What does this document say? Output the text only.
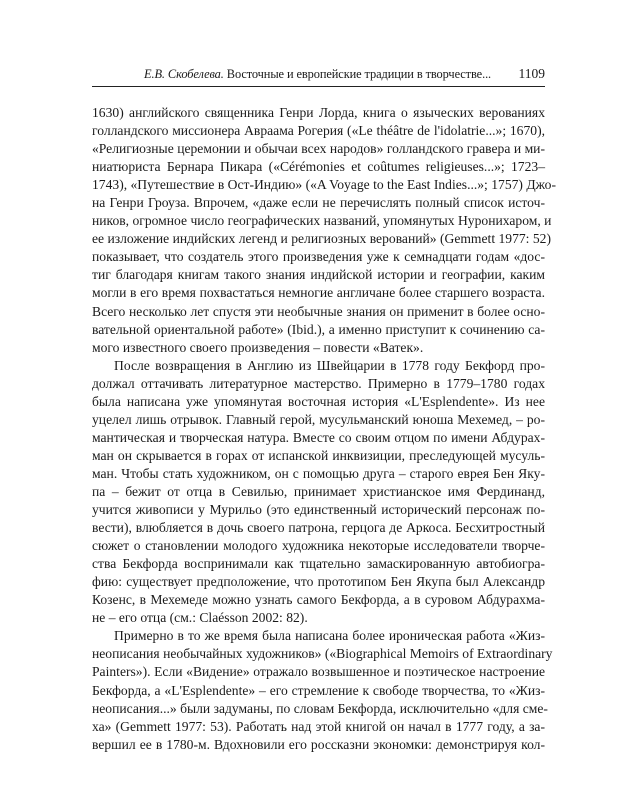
Е.В. Скобелева. Восточные и европейские традиции в творчестве... 1109
1630) английского священника Генри Лорда, книга о языческих верованиях
голландского миссионера Авраама Рогерия («Le théâtre de l'idolatrie...»; 1670),
«Религиозные церемонии и обычаи всех народов» голландского гравера и ми-
ниатюриста Бернара Пикара («Cérémonies et coûtumes religieuses...»; 1723–
1743), «Путешествие в Ост-Индию» («A Voyage to the East Indies...»; 1757) Джо-
на Генри Гроуза. Впрочем, «даже если не перечислять полный список источ-
ников, огромное число географических названий, упомянутых Нуронихаром, и
ее изложение индийских легенд и религиозных верований» (Gemmett 1977: 52)
показывает, что создатель этого произведения уже к семнадцати годам «дос-
тиг благодаря книгам такого знания индийской истории и географии, каким
могли в его время похвастаться немногие англичане более старшего возраста.
Всего несколько лет спустя эти необычные знания он применит в более осно-
вательной ориентальной работе» (Ibid.), а именно приступит к сочинению са-
мого известного своего произведения – повести «Ватек».
После возвращения в Англию из Швейцарии в 1778 году Бекфорд про-
должал оттачивать литературное мастерство. Примерно в 1779–1780 годах
была написана уже упомянутая восточная история «L'Esplendente». Из нее
уцелел лишь отрывок. Главный герой, мусульманский юноша Мехемед, – ро-
мантическая и творческая натура. Вместе со своим отцом по имени Абдурах-
ман он скрывается в горах от испанской инквизиции, преследующей мусуль-
ман. Чтобы стать художником, он с помощью друга – старого еврея Бен Яку-
па – бежит от отца в Севилью, принимает христианское имя Фердинанд,
учится живописи у Мурильо (это единственный исторический персонаж по-
вести), влюбляется в дочь своего патрона, герцога де Аркоса. Бесхитростный
сюжет о становлении молодого художника некоторые исследователи творче-
ства Бекфорда воспринимали как тщательно замаскированную автобиогра-
фию: существует предположение, что прототипом Бен Якупа был Александр
Козенс, в Мехемеде можно узнать самого Бекфорда, а в суровом Абдурахма-
не – его отца (см.: Claésson 2002: 82).
Примерно в то же время была написана более ироническая работа «Жиз-
неописания необычайных художников» («Biographical Memoirs of Extraordinary
Painters»). Если «Видение» отражало возвышенное и поэтическое настроение
Бекфорда, а «L'Esplendente» – его стремление к свободе творчества, то «Жиз-
неописания...» были задуманы, по словам Бекфорда, исключительно «для сме-
ха» (Gemmett 1977: 53). Работать над этой книгой он начал в 1777 году, а за-
вершил ее в 1780-м. Вдохновили его россказни экономки: демонстрируя кол-
